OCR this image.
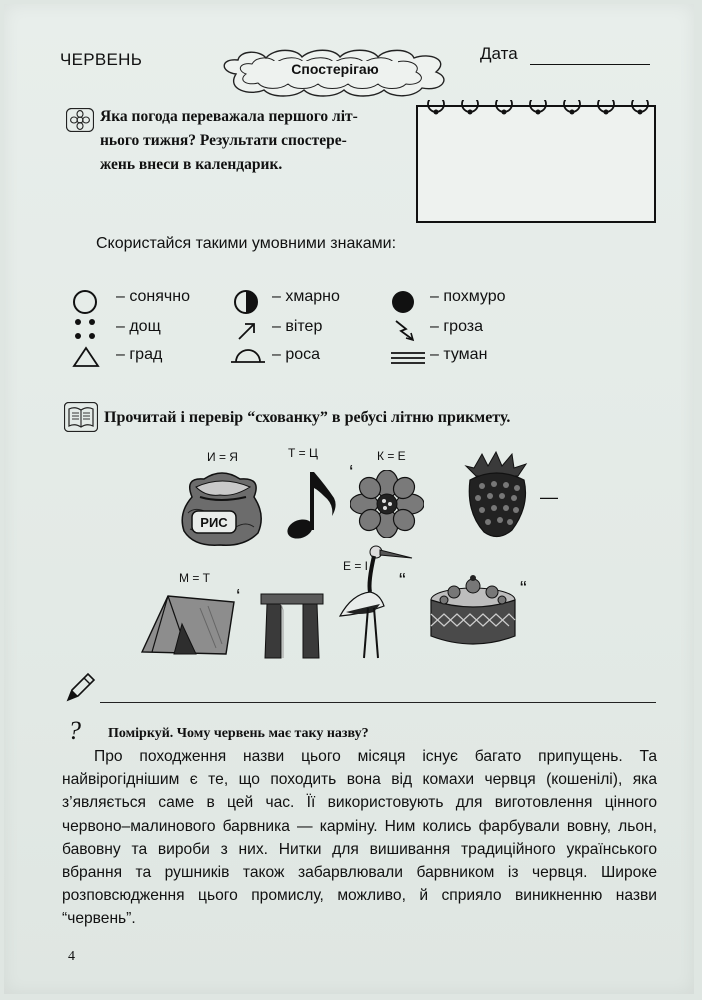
ЧЕРВЕНЬ	Спостерігаю
Дата
Яка погода переважала першого літ-
нього тижня? Результати спостере-
жень внеси в календарик.
Скористайся такими умовними знаками:
– сонячно	– хмарно	– похмуро
– дощ	– вітер	– гроза
– град	– роса	– туман
Прочитай і перевір “схованку” в ребусі літню прикмету.
И = Я	Т = Ц	К = Е
РИС
‘
—
М = Т
Е = І
‘
“	“
? Поміркуй. Чому червень має таку назву?
Про походження назви цього місяця існує багато припущень. Та найвірогіднішим є те, що походить вона від комахи червця (кошенілі), яка з’являється саме в цей час. Її використовують для виготовлення цінного червоно–малинового барвника — карміну. Ним колись фарбували вовну, льон, бавовну та вироби з них. Нитки для вишивання традиційного українського вбрання та рушників також забарвлювали барвником із червця. Широке розповсюдження цього промислу, можливо, й сприяло виникненню назви “червень”.
4
